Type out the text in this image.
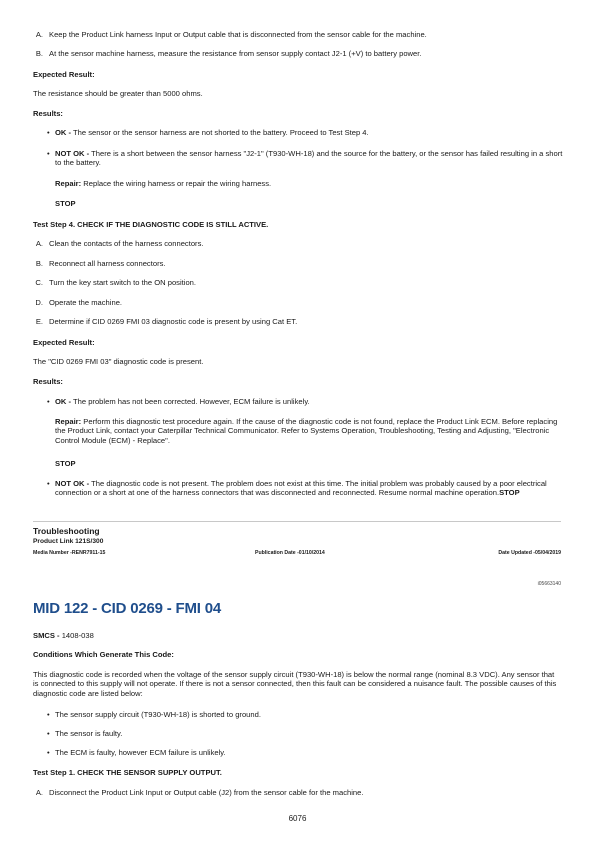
A. Keep the Product Link harness Input or Output cable that is disconnected from the sensor cable for the machine.
B. At the sensor machine harness, measure the resistance from sensor supply contact J2-1 (+V) to battery power.
Expected Result:
The resistance should be greater than 5000 ohms.
Results:
• OK - The sensor or the sensor harness are not shorted to the battery. Proceed to Test Step 4.
• NOT OK - There is a short between the sensor harness "J2-1" (T930-WH-18) and the source for the battery, or the sensor has failed resulting in a short to the battery.
Repair: Replace the wiring harness or repair the wiring harness.
STOP
Test Step 4. CHECK IF THE DIAGNOSTIC CODE IS STILL ACTIVE.
A. Clean the contacts of the harness connectors.
B. Reconnect all harness connectors.
C. Turn the key start switch to the ON position.
D. Operate the machine.
E. Determine if CID 0269 FMI 03 diagnostic code is present by using Cat ET.
Expected Result:
The "CID 0269 FMI 03" diagnostic code is present.
Results:
• OK - The problem has not been corrected. However, ECM failure is unlikely.
Repair: Perform this diagnostic test procedure again. If the cause of the diagnostic code is not found, replace the Product Link ECM. Before replacing the Product Link, contact your Caterpillar Technical Communicator. Refer to Systems Operation, Troubleshooting, Testing and Adjusting, "Electronic Control Module (ECM) - Replace".
STOP
• NOT OK - The diagnostic code is not present. The problem does not exist at this time. The initial problem was probably caused by a poor electrical connection or a short at one of the harness connectors that was disconnected and reconnected. Resume normal machine operation.STOP
Troubleshooting
Product Link 121S/300
Media Number -RENR7911-15	Publication Date -01/10/2014	Date Updated -05/04/2019
i05663140
MID 122 - CID 0269 - FMI 04
SMCS - 1408-038
Conditions Which Generate This Code:
This diagnostic code is recorded when the voltage of the sensor supply circuit (T930-WH-18) is below the normal range (nominal 8.3 VDC). Any sensor that is connected to this supply will not operate. If there is not a sensor connected, then this fault can be considered a nuisance fault. The possible causes of this diagnostic code are listed below:
• The sensor supply circuit (T930-WH-18) is shorted to ground.
• The sensor is faulty.
• The ECM is faulty, however ECM failure is unlikely.
Test Step 1. CHECK THE SENSOR SUPPLY OUTPUT.
A. Disconnect the Product Link Input or Output cable (J2) from the sensor cable for the machine.
6076
